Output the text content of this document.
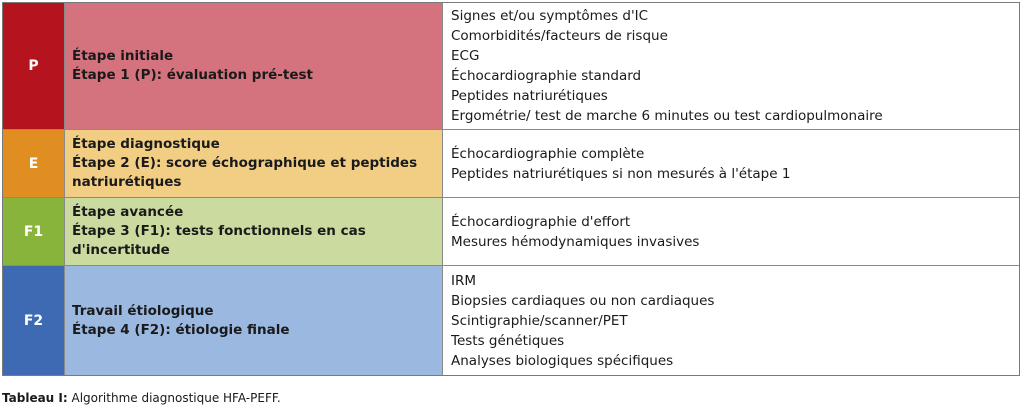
P
Étape initiale
Étape 1 (P): évaluation pré-test
Signes et/ou symptômes d'IC
Comorbidités/facteurs de risque
ECG
Échocardiographie standard
Peptides natriurétiques
Ergométrie/ test de marche 6 minutes ou test cardiopulmonaire
E
Étape diagnostique
Étape 2 (E): score échographique et peptides
natriurétiques
Échocardiographie complète
Peptides natriurétiques si non mesurés à l'étape 1
F1
Étape avancée
Étape 3 (F1): tests fonctionnels en cas
d'incertitude
Échocardiographie d'effort
Mesures hémodynamiques invasives
F2
Travail étiologique
Étape 4 (F2): étiologie finale
IRM
Biopsies cardiaques ou non cardiaques
Scintigraphie/scanner/PET
Tests génétiques
Analyses biologiques spécifiques
Tableau I: Algorithme diagnostique HFA-PEFF.
